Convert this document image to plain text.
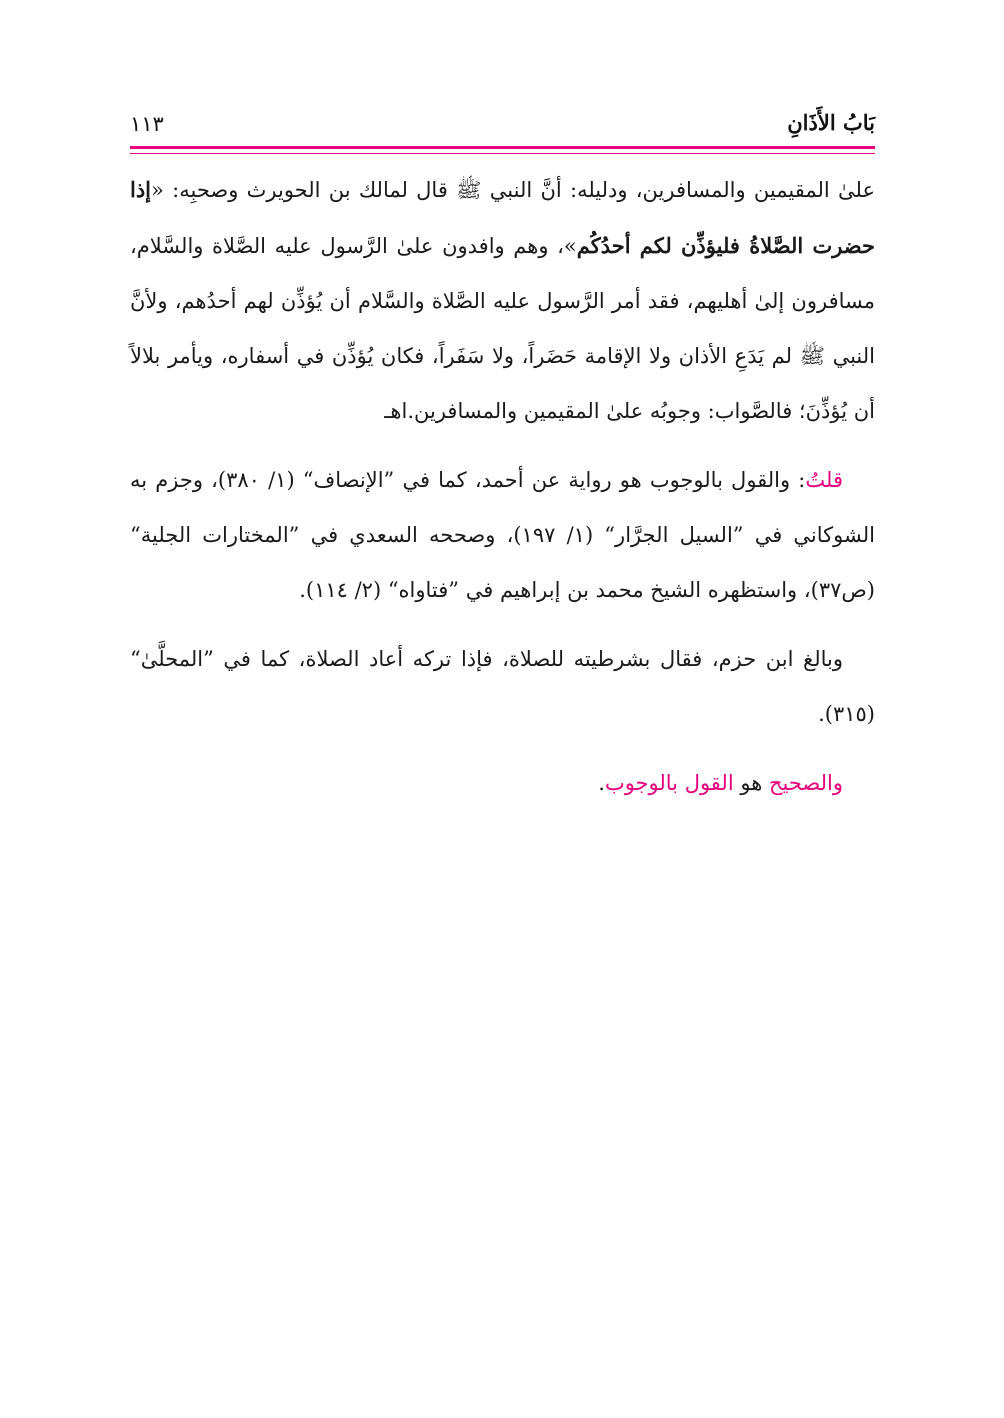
بَابُ الأَذَانِ
١١٣

علىٰ المقيمين والمسافرين، ودليله: أنَّ النبي ﷺ قال لمالك بن الحويرث وصحبِه: «إذا حضرت الصَّلاةُ فليؤذِّن لكم أحدُكُم»، وهم وافدون علىٰ الرَّسول عليه الصَّلاة والسَّلام، مسافرون إلىٰ أهليهم، فقد أمر الرَّسول عليه الصَّلاة والسَّلام أن يُؤذِّن لهم أحدُهم، ولأنَّ النبي ﷺ لم يَدَعِ الأذان ولا الإقامة حَضَراً، ولا سَفَراً، فكان يُؤذِّن في أسفاره، ويأمر بلالاً أن يُؤذِّنَ؛ فالصَّواب: وجوبُه علىٰ المقيمين والمسافرين.اهـ

قلتُ: والقول بالوجوب هو رواية عن أحمد، كما في ”الإنصاف“ (١/ ٣٨٠)، وجزم به الشوكاني في ”السيل الجرَّار“ (١/ ١٩٧)، وصححه السعدي في ”المختارات الجلية“ (ص٣٧)، واستظهره الشيخ محمد بن إبراهيم في ”فتاواه“ (٢/ ١١٤).

وبالغ ابن حزم، فقال بشرطيته للصلاة، فإذا تركه أعاد الصلاة، كما في ”المحلَّىٰ“ (٣١٥).

والصحيح هو القول بالوجوب.
